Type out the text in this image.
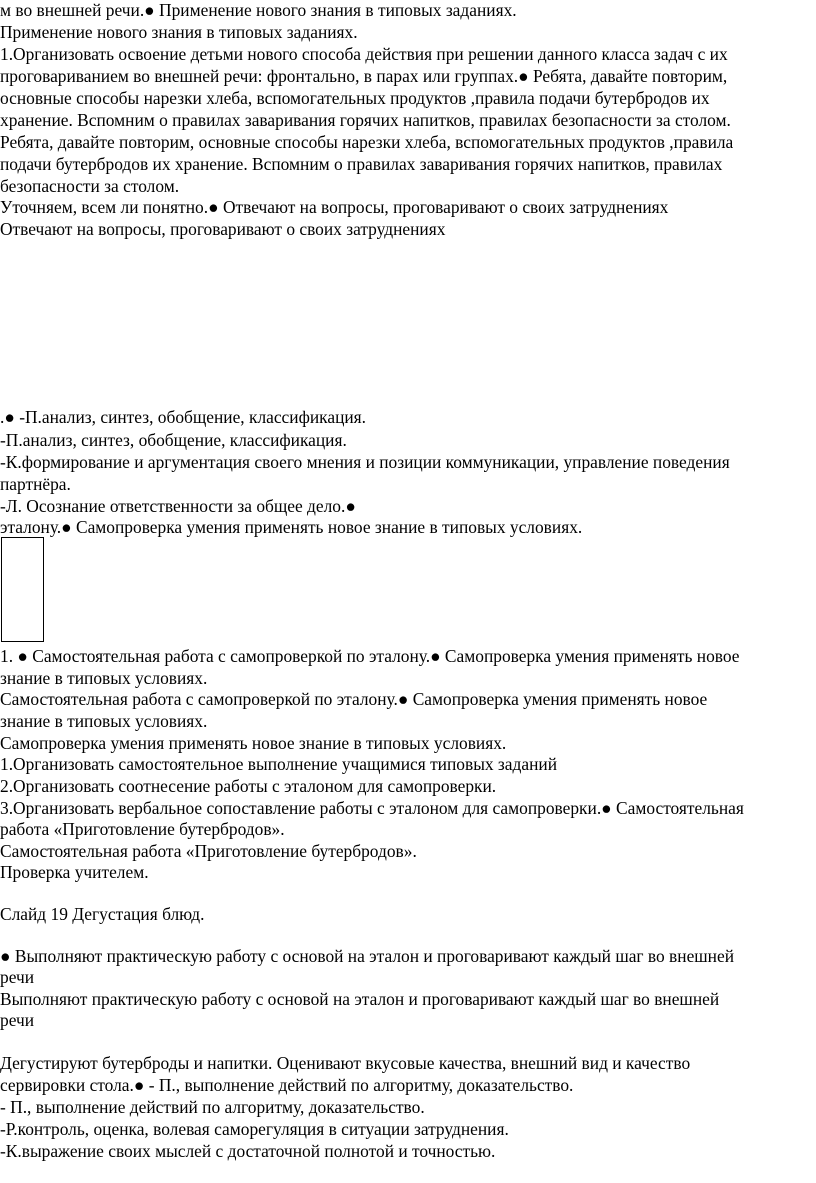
м во внешней речи.● Применение нового знания в типовых заданиях.
Применение нового знания в типовых заданиях.
1.Организовать освоение детьми нового способа действия при решении данного класса задач с их
проговариванием во внешней речи: фронтально, в парах или группах.● Ребята, давайте повторим,
основные способы нарезки хлеба, вспомогательных продуктов ,правила подачи бутербродов их
хранение. Вспомним о правилах заваривания горячих напитков, правилах безопасности за столом.
Ребята, давайте повторим, основные способы нарезки хлеба, вспомогательных продуктов ,правила
подачи бутербродов их хранение. Вспомним о правилах заваривания горячих напитков, правилах
безопасности за столом.
Уточняем, всем ли понятно.● Отвечают на вопросы, проговаривают о своих затруднениях
Отвечают на вопросы, проговаривают о своих затруднениях
.● -П.анализ, синтез, обобщение, классификация.
-П.анализ, синтез, обобщение, классификация.
-К.формирование и аргументация своего мнения и позиции коммуникации, управление поведения
партнёра.
-Л. Осознание ответственности за общее дело.●
эталону.● Самопроверка умения применять новое знание в типовых условиях.
1. ● Самостоятельная работа с самопроверкой по эталону.● Самопроверка умения применять новое
знание в типовых условиях.
Самостоятельная работа с самопроверкой по эталону.● Самопроверка умения применять новое
знание в типовых условиях.
Самопроверка умения применять новое знание в типовых условиях.
1.Организовать самостоятельное выполнение учащимися типовых заданий
2.Организовать соотнесение работы с эталоном для самопроверки.
3.Организовать вербальное сопоставление работы с эталоном для самопроверки.● Самостоятельная
работа «Приготовление бутербродов».
Самостоятельная работа «Приготовление бутербродов».
Проверка учителем.
Слайд 19 Дегустация блюд.
● Выполняют практическую работу с основой на эталон и проговаривают каждый шаг во внешней
речи
Выполняют практическую работу с основой на эталон и проговаривают каждый шаг во внешней
речи
Дегустируют бутерброды и напитки. Оценивают вкусовые качества, внешний вид и качество
сервировки стола.● - П., выполнение действий по алгоритму, доказательство.
- П., выполнение действий по алгоритму, доказательство.
-Р.контроль, оценка, волевая саморегуляция в ситуации затруднения.
-К.выражение своих мыслей с достаточной полнотой и точностью.
